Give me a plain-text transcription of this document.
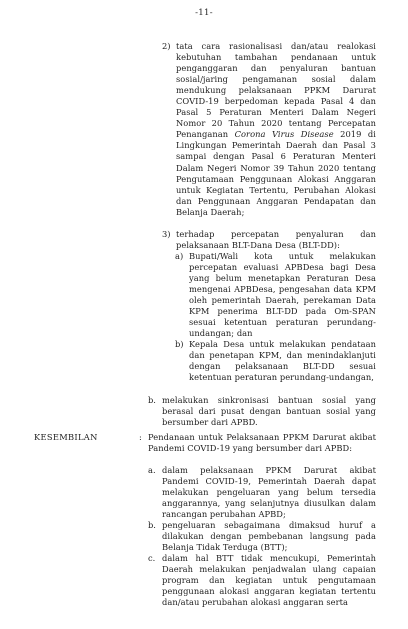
-11-
2) tata cara rasionalisasi dan/atau realokasi kebutuhan tambahan pendanaan untuk penganggaran dan penyaluran bantuan sosial/jaring pengamanan sosial dalam mendukung pelaksanaan PPKM Darurat COVID-19 berpedoman kepada Pasal 4 dan Pasal 5 Peraturan Menteri Dalam Negeri Nomor 20 Tahun 2020 tentang Percepatan Penanganan Corona Virus Disease 2019 di Lingkungan Pemerintah Daerah dan Pasal 3 sampai dengan Pasal 6 Peraturan Menteri Dalam Negeri Nomor 39 Tahun 2020 tentang Pengutamaan Penggunaan Alokasi Anggaran untuk Kegiatan Tertentu, Perubahan Alokasi dan Penggunaan Anggaran Pendapatan dan Belanja Daerah;
3) terhadap percepatan penyaluran dan pelaksanaan BLT-Dana Desa (BLT-DD):
a) Bupati/Wali kota untuk melakukan percepatan evaluasi APBDesa bagi Desa yang belum menetapkan Peraturan Desa mengenai APBDesa, pengesahan data KPM oleh pemerintah Daerah, perekaman Data KPM penerima BLT-DD pada Om-SPAN sesuai ketentuan peraturan perundang-undangan; dan
b) Kepala Desa untuk melakukan pendataan dan penetapan KPM, dan menindaklanjuti dengan pelaksanaan BLT-DD sesuai ketentuan peraturan perundang-undangan,
b. melakukan sinkronisasi bantuan sosial yang berasal dari pusat dengan bantuan sosial yang bersumber dari APBD.
KESEMBILAN	: Pendanaan untuk Pelaksanaan PPKM Darurat akibat Pandemi COVID-19 yang bersumber dari APBD:
a. dalam pelaksanaan PPKM Darurat akibat Pandemi COVID-19, Pemerintah Daerah dapat melakukan pengeluaran yang belum tersedia anggarannya, yang selanjutnya diusulkan dalam rancangan perubahan APBD;
b. pengeluaran sebagaimana dimaksud huruf a dilakukan dengan pembebanan langsung pada Belanja Tidak Terduga (BTT);
c. dalam hal BTT tidak mencukupi, Pemerintah Daerah melakukan penjadwalan ulang capaian program dan kegiatan untuk pengutamaan penggunaan alokasi anggaran kegiatan tertentu dan/atau perubahan alokasi anggaran serta
